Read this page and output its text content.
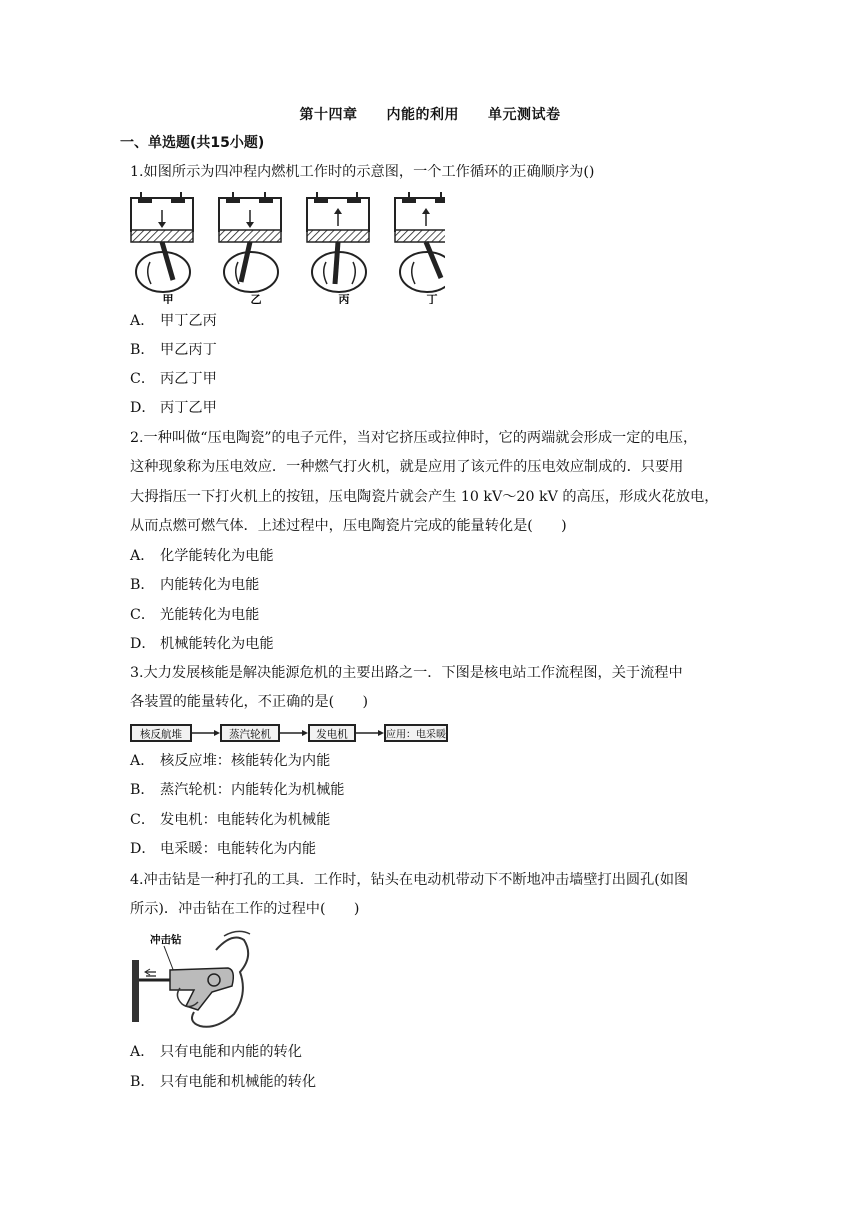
第十四章　　内能的利用　　单元测试卷
一、单选题(共15小题)
1.如图所示为四冲程内燃机工作时的示意图，一个工作循环的正确顺序为()
甲	乙	丙	丁
A． 甲丁乙丙
B． 甲乙丙丁
C． 丙乙丁甲
D． 丙丁乙甲
2.一种叫做“压电陶瓷”的电子元件，当对它挤压或拉伸时，它的两端就会形成一定的电压，
这种现象称为压电效应．一种燃气打火机，就是应用了该元件的压电效应制成的．只要用
大拇指压一下打火机上的按钮，压电陶瓷片就会产生 10 kV～20 kV 的高压，形成火花放电，
从而点燃可燃气体．上述过程中，压电陶瓷片完成的能量转化是(　　)
A． 化学能转化为电能
B． 内能转化为电能
C． 光能转化为电能
D． 机械能转化为电能
3.大力发展核能是解决能源危机的主要出路之一．下图是核电站工作流程图，关于流程中
各装置的能量转化，不正确的是(　　)
核反航堆	蒸汽轮机	发电机	应用：电采暖
A． 核反应堆：核能转化为内能
B． 蒸汽轮机：内能转化为机械能
C． 发电机：电能转化为机械能
D． 电采暖：电能转化为内能
4.冲击钻是一种打孔的工具．工作时，钻头在电动机带动下不断地冲击墙壁打出圆孔(如图
所示)．冲击钻在工作的过程中(　　)
冲击钻
A． 只有电能和内能的转化
B． 只有电能和机械能的转化
